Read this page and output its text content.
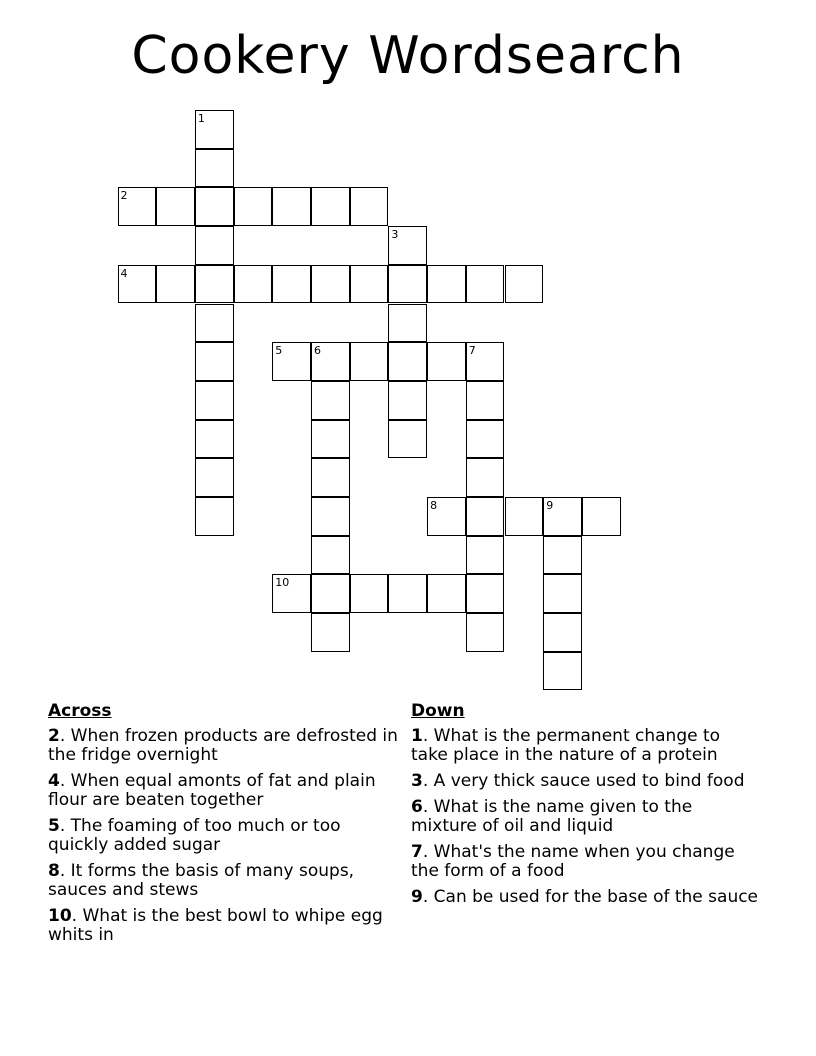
Cookery Wordsearch
1
2
3
4
5	6	7
8	9
10
Across
2. When frozen products are defrosted in the fridge overnight
4. When equal amonts of fat and plain flour are beaten together
5. The foaming of too much or too quickly added sugar
8. It forms the basis of many soups, sauces and stews
10. What is the best bowl to whipe egg whits in
Down
1. What is the permanent change to take place in the nature of a protein
3. A very thick sauce used to bind food
6. What is the name given to the mixture of oil and liquid
7. What's the name when you change the form of a food
9. Can be used for the base of the sauce
